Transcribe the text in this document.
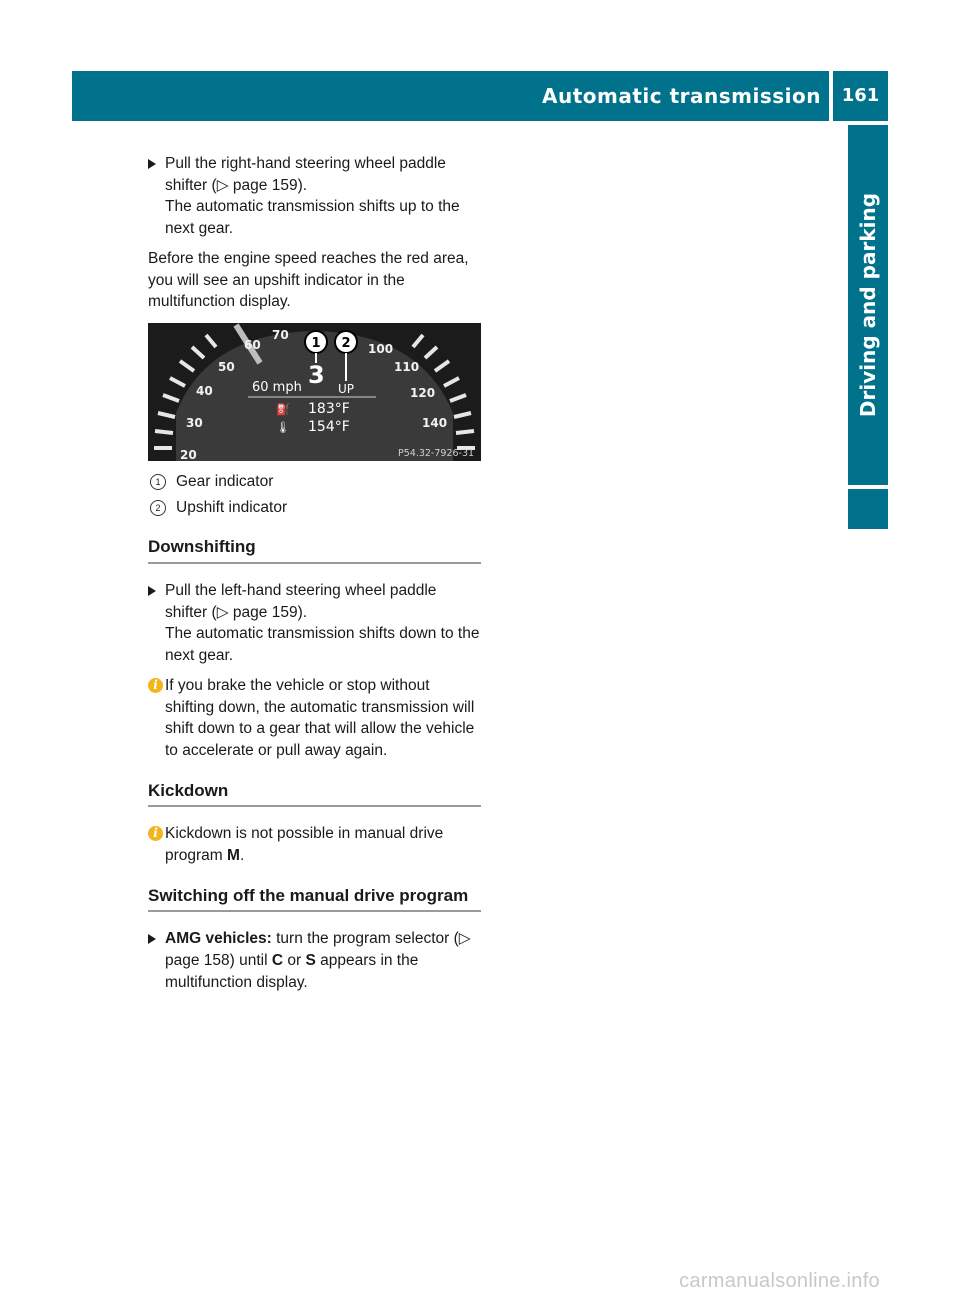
Automatic transmission	161
Driving and parking
Pull the right-hand steering wheel paddle
shifter (▷ page 159).
The automatic transmission shifts up to the next gear.

Before the engine speed reaches the red area, you will see an upshift indicator in the multifunction display.

20
30
40
50
60
70
100
110
120
140
1 2
60 mph 3 UP
⛽ 183°F
🌡 154°F
P54.32-7926-31
1	Gear indicator
2	Upshift indicator
Downshifting
Pull the left-hand steering wheel paddle
shifter (▷ page 159).
The automatic transmission shifts down to the next gear.
i If you brake the vehicle or stop without shifting down, the automatic transmission will shift down to a gear that will allow the vehicle to accelerate or pull away again.
Kickdown
i Kickdown is not possible in manual drive program M.
Switching off the manual drive program
AMG vehicles: turn the program selector (▷ page 158) until C or S appears in the multifunction display.
carmanualsonline.info
